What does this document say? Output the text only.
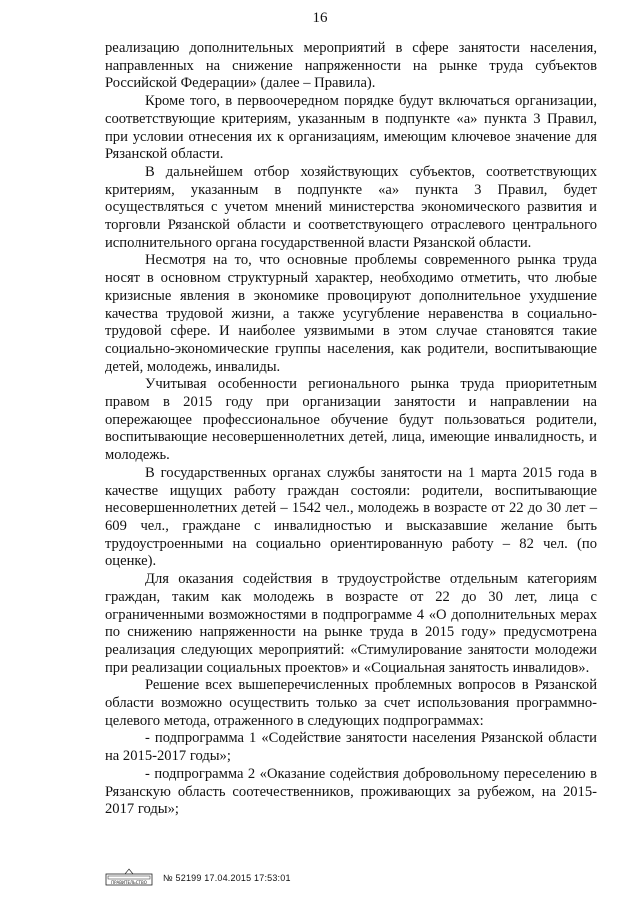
16

реализацию дополнительных мероприятий в сфере занятости населения, направленных на снижение напряженности на рынке труда субъектов Российской Федерации» (далее – Правила).

Кроме того, в первоочередном порядке будут включаться организации, соответствующие критериям, указанным в подпункте «а» пункта 3 Правил, при условии отнесения их к организациям, имеющим ключевое значение для Рязанской области.

В дальнейшем отбор хозяйствующих субъектов, соответствующих критериям, указанным в подпункте «а» пункта 3 Правил, будет осуществляться с учетом мнений министерства экономического развития и торговли Рязанской области и соответствующего отраслевого центрального исполнительного органа государственной власти Рязанской области.

Несмотря на то, что основные проблемы современного рынка труда носят в основном структурный характер, необходимо отметить, что любые кризисные явления в экономике провоцируют дополнительное ухудшение качества трудовой жизни, а также усугубление неравенства в социально-трудовой сфере. И наиболее уязвимыми в этом случае становятся такие социально-экономические группы населения, как родители, воспитывающие детей, молодежь, инвалиды.

Учитывая особенности регионального рынка труда приоритетным правом в 2015 году при организации занятости и направлении на опережающее профессиональное обучение будут пользоваться родители, воспитывающие несовершеннолетних детей, лица, имеющие инвалидность, и молодежь.

В государственных органах службы занятости на 1 марта 2015 года в качестве ищущих работу граждан состояли: родители, воспитывающие несовершеннолетних детей – 1542 чел., молодежь в возрасте от 22 до 30 лет – 609 чел., граждане с инвалидностью и высказавшие желание быть трудоустроенными на социально ориентированную работу – 82 чел. (по оценке).

Для оказания содействия в трудоустройстве отдельным категориям граждан, таким как молодежь в возрасте от 22 до 30 лет, лица с ограниченными возможностями в подпрограмме 4 «О дополнительных мерах по снижению напряженности на рынке труда в 2015 году» предусмотрена реализация следующих мероприятий: «Стимулирование занятости молодежи при реализации социальных проектов» и «Социальная занятость инвалидов».

Решение всех вышеперечисленных проблемных вопросов в Рязанской области возможно осуществить только за счет использования программно-целевого метода, отраженного в следующих подпрограммах:

- подпрограмма 1 «Содействие занятости населения Рязанской области на 2015-2017 годы»;

- подпрограмма 2 «Оказание содействия добровольному переселению в Рязанскую область соотечественников, проживающих за рубежом, на 2015-2017 годы»;

ПРАВИТЕЛЬСТВО № 52199 17.04.2015 17:53:01
